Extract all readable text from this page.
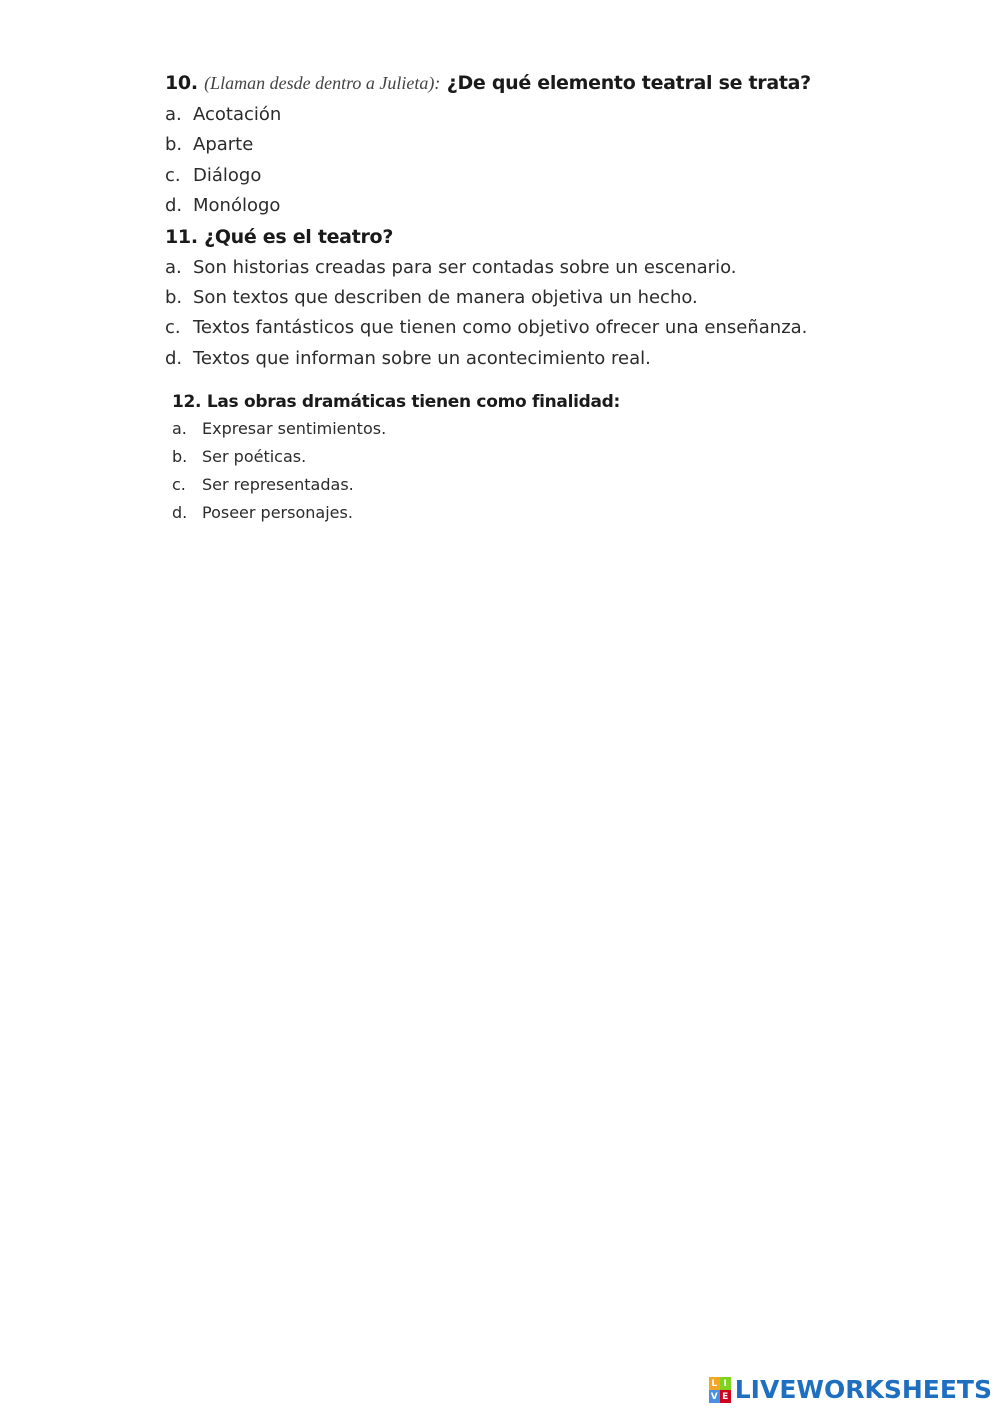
10. (Llaman desde dentro a Julieta): ¿De qué elemento teatral se trata?
a. Acotación
b. Aparte
c. Diálogo
d. Monólogo
11. ¿Qué es el teatro?
a. Son historias creadas para ser contadas sobre un escenario.
b. Son textos que describen de manera objetiva un hecho.
c. Textos fantásticos que tienen como objetivo ofrecer una enseñanza.
d. Textos que informan sobre un acontecimiento real.
12. Las obras dramáticas tienen como finalidad:
a. Expresar sentimientos.
b. Ser poéticas.
c. Ser representadas.
d. Poseer personajes.
L I
V E LIVEWORKSHEETS
